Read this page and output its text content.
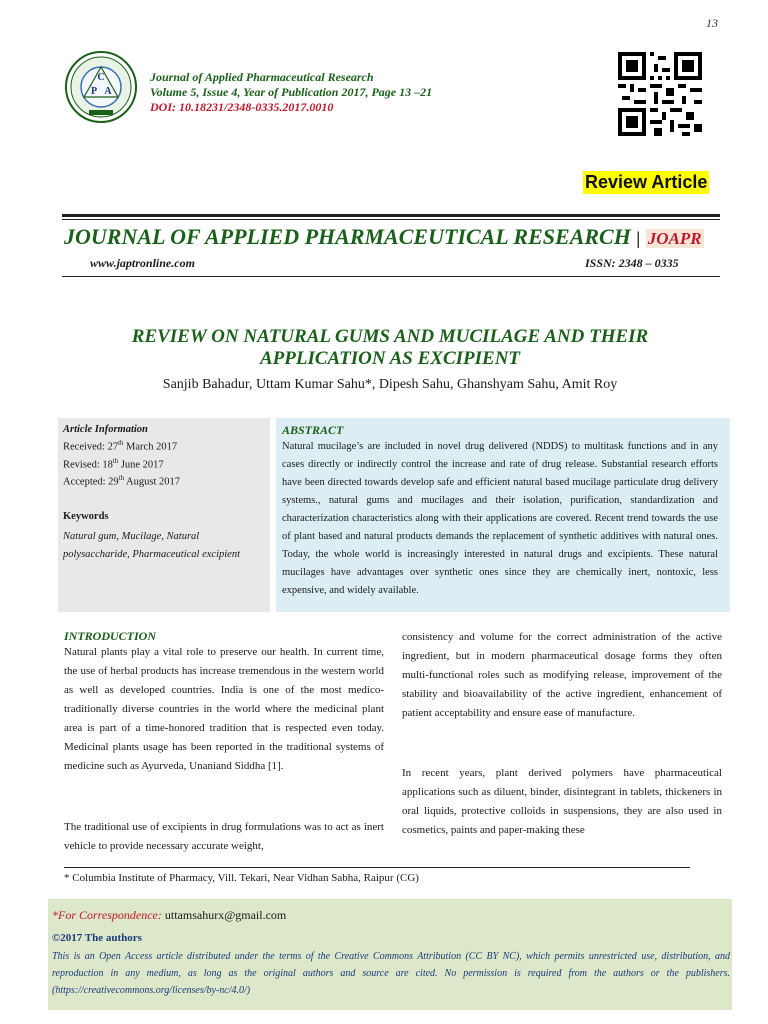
13
C
P A
Journal of Applied Pharmaceutical Research
Volume 5, Issue 4, Year of Publication 2017, Page 13 –21
DOI: 10.18231/2348-0335.2017.0010
Review Article
JOURNAL OF APPLIED PHARMACEUTICAL RESEARCH | JOAPR
www.japtronline.com	ISSN: 2348 – 0335
REVIEW ON NATURAL GUMS AND MUCILAGE AND THEIR
APPLICATION AS EXCIPIENT
Sanjib Bahadur, Uttam Kumar Sahu*, Dipesh Sahu, Ghanshyam Sahu, Amit Roy
Article Information
Received: 27th March 2017
Revised: 18th June 2017
Accepted: 29th August 2017
Keywords
Natural gum, Mucilage, Natural polysaccharide, Pharmaceutical excipient
ABSTRACT
Natural mucilage’s are included in novel drug delivered (NDDS) to multitask functions and in any cases directly or indirectly control the increase and rate of drug release. Substantial research efforts have been directed towards develop safe and efficient natural based mucilage particulate drug delivery systems., natural gums and mucilages and their isolation, purification, standardization and characterization characteristics along with their applications are covered. Recent trend towards the use of plant based and natural products demands the replacement of synthetic additives with natural ones. Today, the whole world is increasingly interested in natural drugs and excipients. These natural mucilages have advantages over synthetic ones since they are chemically inert, nontoxic, less expensive, and widely available.
INTRODUCTION
Natural plants play a vital role to preserve our health. In current time, the use of herbal products has increase tremendous in the western world as well as developed countries. India is one of the most medico-traditionally diverse countries in the world where the medicinal plant area is part of a time-honored tradition that is respected even today. Medicinal plants usage has been reported in the traditional systems of medicine such as Ayurveda, Unaniand Siddha [1].
The traditional use of excipients in drug formulations was to act as inert vehicle to provide necessary accurate weight,
consistency and volume for the correct administration of the active ingredient, but in modern pharmaceutical dosage forms they often multi-functional roles such as modifying release, improvement of the stability and bioavailability of the active ingredient, enhancement of patient acceptability and ensure ease of manufacture.
In recent years, plant derived polymers have pharmaceutical applications such as diluent, binder, disintegrant in tablets, thickeners in oral liquids, protective colloids in suspensions, they are also used in cosmetics, paints and paper-making these
* Columbia Institute of Pharmacy, Vill. Tekari, Near Vidhan Sabha, Raipur (CG)
*For Correspondence: uttamsahurx@gmail.com
©2017 The authors
This is an Open Access article distributed under the terms of the Creative Commons Attribution (CC BY NC), which permits unrestricted use, distribution, and reproduction in any medium, as long as the original authors and source are cited. No permission is required from the authors or the publishers. (https://creativecommons.org/licenses/by-nc/4.0/)
